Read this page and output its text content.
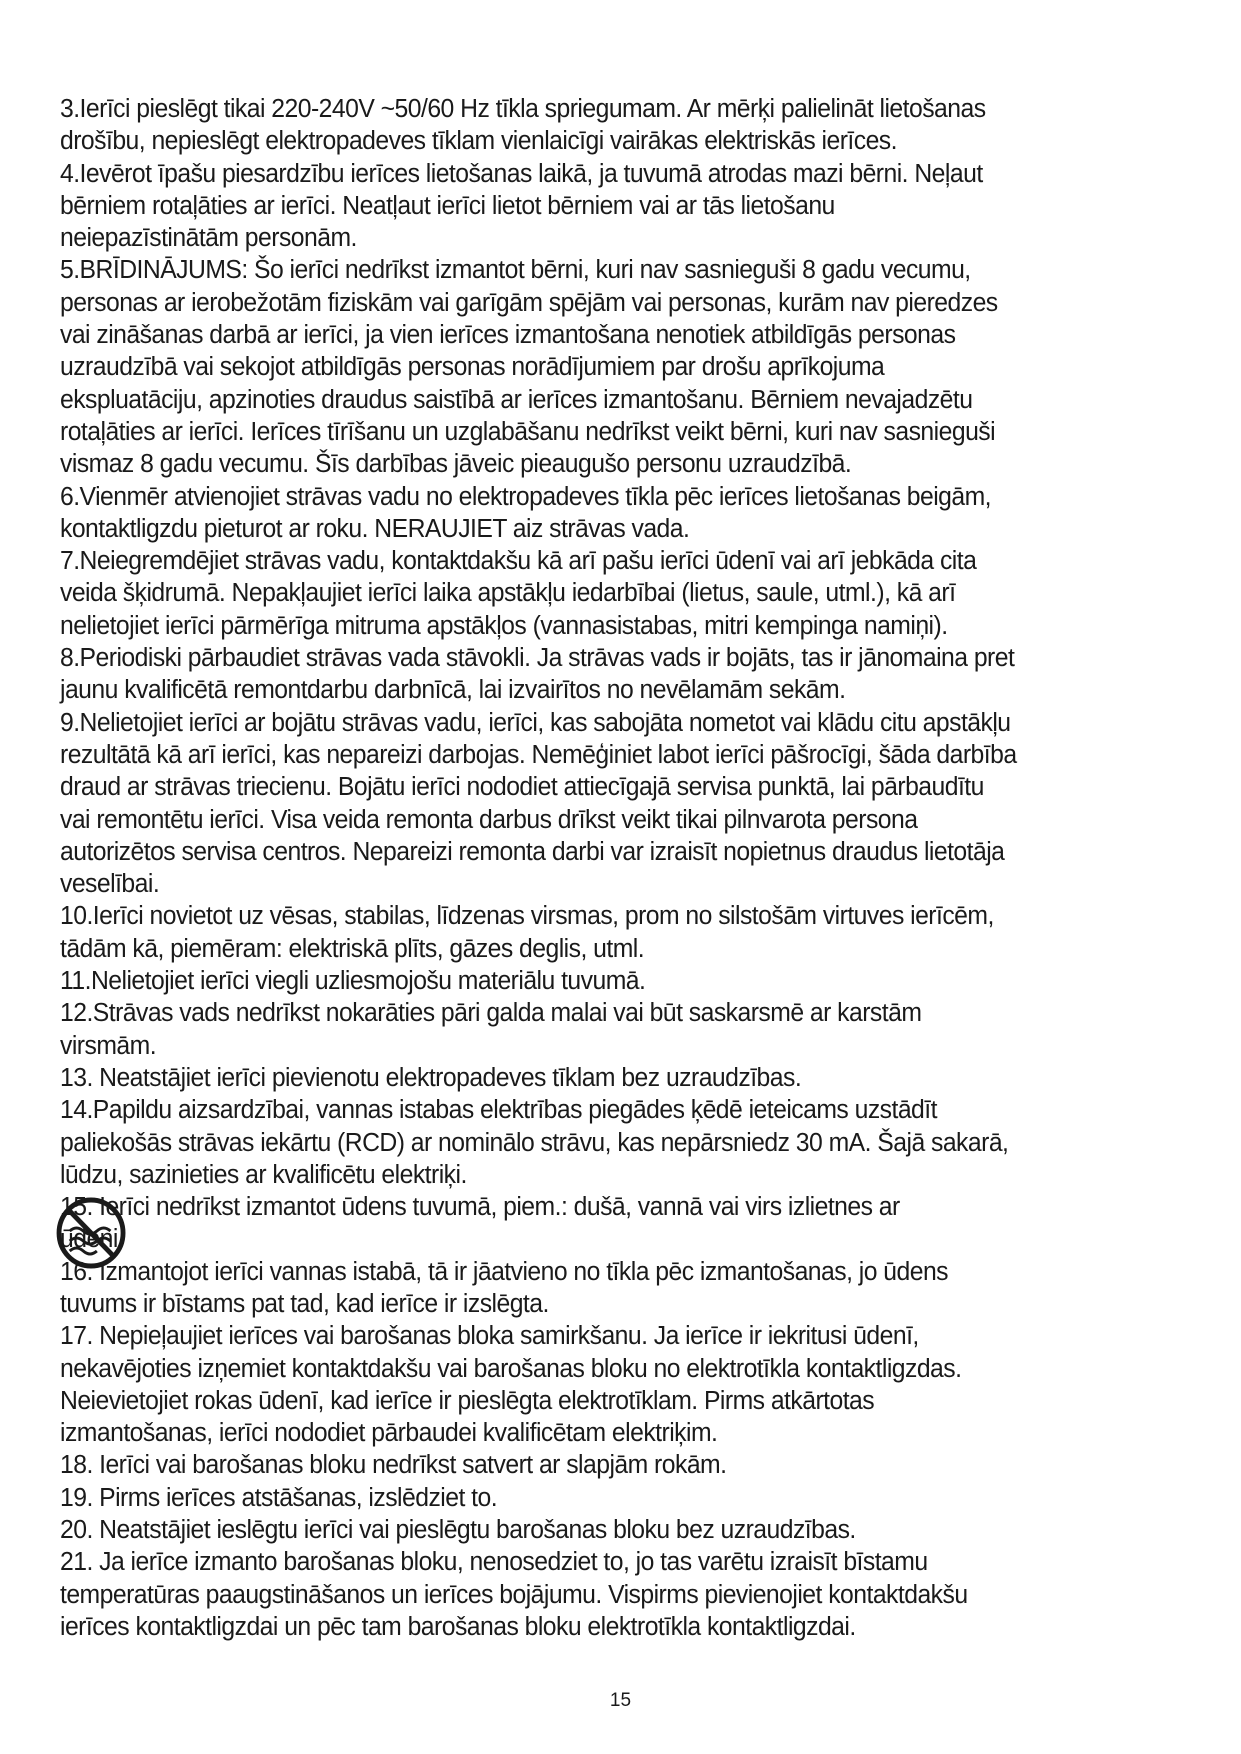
3.Ierīci pieslēgt tikai 220-240V ~50/60 Hz tīkla spriegumam. Ar mērķi palielināt lietošanas
drošību, nepieslēgt elektropadeves tīklam vienlaicīgi vairākas elektriskās ierīces.
4.Ievērot īpašu piesardzību ierīces lietošanas laikā, ja tuvumā atrodas mazi bērni. Neļaut
bērniem rotaļāties ar ierīci. Neatļaut ierīci lietot bērniem vai ar tās lietošanu
neiepazīstinātām personām.
5.BRĪDINĀJUMS: Šo ierīci nedrīkst izmantot bērni, kuri nav sasnieguši 8 gadu vecumu,
personas ar ierobežotām fiziskām vai garīgām spējām vai personas, kurām nav pieredzes
vai zināšanas darbā ar ierīci, ja vien ierīces izmantošana nenotiek atbildīgās personas
uzraudzībā vai sekojot atbildīgās personas norādījumiem par drošu aprīkojuma
ekspluatāciju, apzinoties draudus saistībā ar ierīces izmantošanu. Bērniem nevajadzētu
rotaļāties ar ierīci. Ierīces tīrīšanu un uzglabāšanu nedrīkst veikt bērni, kuri nav sasnieguši
vismaz 8 gadu vecumu. Šīs darbības jāveic pieaugušo personu uzraudzībā.
6.Vienmēr atvienojiet strāvas vadu no elektropadeves tīkla pēc ierīces lietošanas beigām,
kontaktligzdu pieturot ar roku. NERAUJIET aiz strāvas vada.
7.Neiegremdējiet strāvas vadu, kontaktdakšu kā arī pašu ierīci ūdenī vai arī jebkāda cita
veida šķidrumā. Nepakļaujiet ierīci laika apstākļu iedarbībai (lietus, saule, utml.), kā arī
nelietojiet ierīci pārmērīga mitruma apstākļos (vannasistabas, mitri kempinga namiņi).
8.Periodiski pārbaudiet strāvas vada stāvokli. Ja strāvas vads ir bojāts, tas ir jānomaina pret
jaunu kvalificētā remontdarbu darbnīcā, lai izvairītos no nevēlamām sekām.
9.Nelietojiet ierīci ar bojātu strāvas vadu, ierīci, kas sabojāta nometot vai klādu citu apstākļu
rezultātā kā arī ierīci, kas nepareizi darbojas. Nemēģiniet labot ierīci pāšrocīgi, šāda darbība
draud ar strāvas triecienu. Bojātu ierīci nododiet attiecīgajā servisa punktā, lai pārbaudītu
vai remontētu ierīci. Visa veida remonta darbus drīkst veikt tikai pilnvarota persona
autorizētos servisa centros. Nepareizi remonta darbi var izraisīt nopietnus draudus lietotāja
veselībai.
10.Ierīci novietot uz vēsas, stabilas, līdzenas virsmas, prom no silstošām virtuves ierīcēm,
tādām kā, piemēram: elektriskā plīts, gāzes deglis, utml.
11.Nelietojiet ierīci viegli uzliesmojošu materiālu tuvumā.
12.Strāvas vads nedrīkst nokarāties pāri galda malai vai būt saskarsmē ar karstām
virsmām.
13. Neatstājiet ierīci pievienotu elektropadeves tīklam bez uzraudzības.
14.Papildu aizsardzībai, vannas istabas elektrības piegādes ķēdē ieteicams uzstādīt
paliekošās strāvas iekārtu (RCD) ar nominālo strāvu, kas nepārsniedz 30 mA. Šajā sakarā,
lūdzu, sazinieties ar kvalificētu elektriķi.
15. Ierīci nedrīkst izmantot ūdens tuvumā, piem.: dušā, vannā vai virs izlietnes ar
ūdeni.
16. Izmantojot ierīci vannas istabā, tā ir jāatvieno no tīkla pēc izmantošanas, jo ūdens
tuvums ir bīstams pat tad, kad ierīce ir izslēgta.
17. Nepieļaujiet ierīces vai barošanas bloka samirkšanu. Ja ierīce ir iekritusi ūdenī,
nekavējoties izņemiet kontaktdakšu vai barošanas bloku no elektrotīkla kontaktligzdas.
Neievietojiet rokas ūdenī, kad ierīce ir pieslēgta elektrotīklam. Pirms atkārtotas
izmantošanas, ierīci nododiet pārbaudei kvalificētam elektriķim.
18. Ierīci vai barošanas bloku nedrīkst satvert ar slapjām rokām.
19. Pirms ierīces atstāšanas, izslēdziet to.
20. Neatstājiet ieslēgtu ierīci vai pieslēgtu barošanas bloku bez uzraudzības.
21. Ja ierīce izmanto barošanas bloku, nenosedziet to, jo tas varētu izraisīt bīstamu
temperatūras paaugstināšanos un ierīces bojājumu. Vispirms pievienojiet kontaktdakšu
ierīces kontaktligzdai un pēc tam barošanas bloku elektrotīkla kontaktligzdai.
15
